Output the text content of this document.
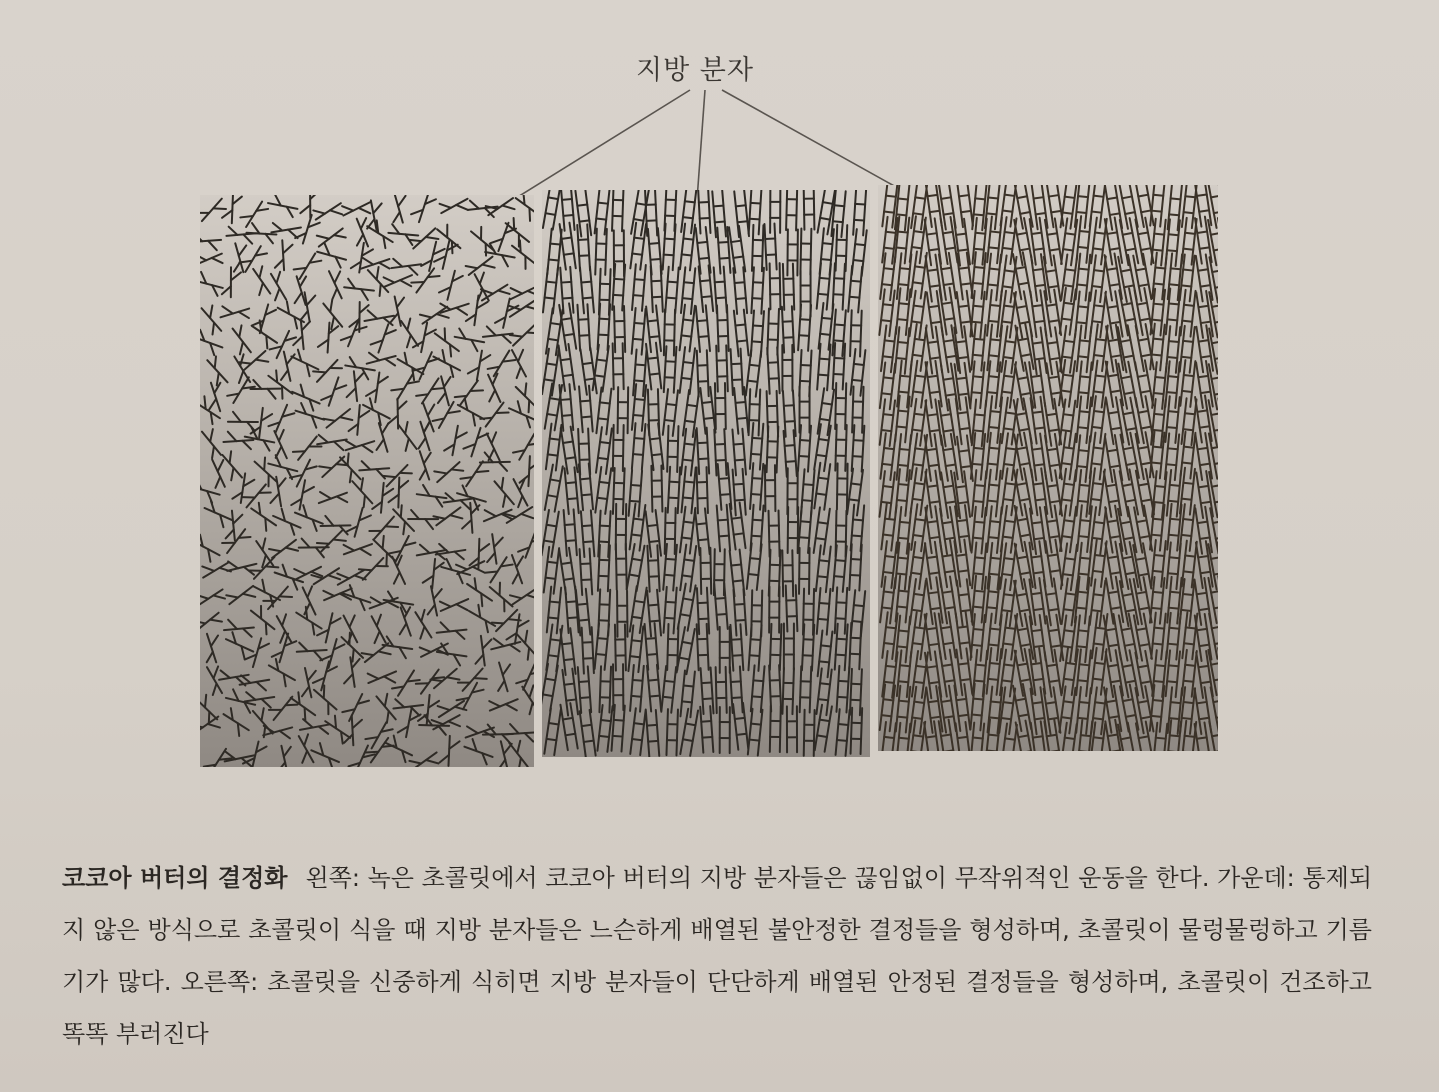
지방 분자
코코아 버터의 결정화 왼쪽: 녹은 초콜릿에서 코코아 버터의 지방 분자들은 끊임없이 무작위적인 운동을 한다. 가운데: 통제되지 않은 방식으로 초콜릿이 식을 때 지방 분자들은 느슨하게 배열된 불안정한 결정들을 형성하며, 초콜릿이 물렁물렁하고 기름기가 많다. 오른쪽: 초콜릿을 신중하게 식히면 지방 분자들이 단단하게 배열된 안정된 결정들을 형성하며, 초콜릿이 건조하고 똑똑 부러진다
